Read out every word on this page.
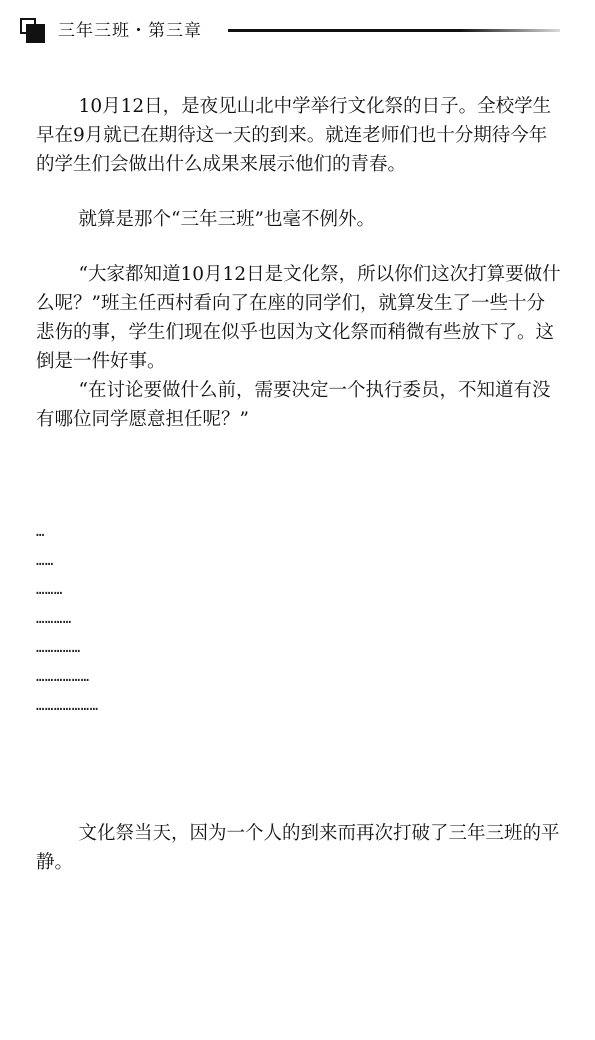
三年三班・第三章

10月12日，是夜见山北中学举行文化祭的日子。全校学生早在9月就已在期待这一天的到来。就连老师们也十分期待今年的学生们会做出什么成果来展示他们的青春。

就算是那个“三年三班”也毫不例外。

“大家都知道10月12日是文化祭，所以你们这次打算要做什么呢？”班主任西村看向了在座的同学们，就算发生了一些十分悲伤的事，学生们现在似乎也因为文化祭而稍微有些放下了。这倒是一件好事。

“在讨论要做什么前，需要决定一个执行委员，不知道有没有哪位同学愿意担任呢？”

…
……
………
…………
……………
………………
…………………

文化祭当天，因为一个人的到来而再次打破了三年三班的平静。
